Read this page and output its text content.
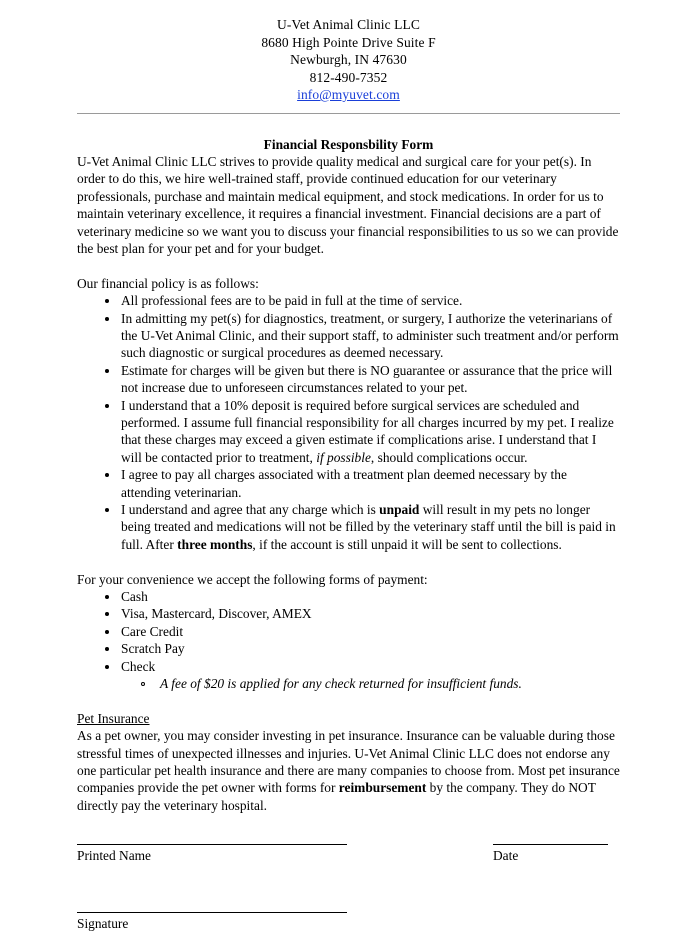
U-Vet Animal Clinic LLC
8680 High Pointe Drive Suite F
Newburgh, IN 47630
812-490-7352
info@myuvet.com
Financial Responsbility Form

U-Vet Animal Clinic LLC strives to provide quality medical and surgical care for your pet(s). In order to do this, we hire well-trained staff, provide continued education for our veterinary professionals, purchase and maintain medical equipment, and stock medications. In order for us to maintain veterinary excellence, it requires a financial investment. Financial decisions are a part of veterinary medicine so we want you to discuss your financial responsibilities to us so we can provide the best plan for your pet and for your budget.

Our financial policy is as follows:

All professional fees are to be paid in full at the time of service.
In admitting my pet(s) for diagnostics, treatment, or surgery, I authorize the veterinarians of the U-Vet Animal Clinic, and their support staff, to administer such treatment and/or perform such diagnostic or surgical procedures as deemed necessary.
Estimate for charges will be given but there is NO guarantee or assurance that the price will not increase due to unforeseen circumstances related to your pet.
I understand that a 10% deposit is required before surgical services are scheduled and performed. I assume full financial responsibility for all charges incurred by my pet. I realize that these charges may exceed a given estimate if complications arise. I understand that I will be contacted prior to treatment, if possible, should complications occur.
I agree to pay all charges associated with a treatment plan deemed necessary by the attending veterinarian.
I understand and agree that any charge which is unpaid will result in my pets no longer being treated and medications will not be filled by the veterinary staff until the bill is paid in full. After three months, if the account is still unpaid it will be sent to collections.

For your convenience we accept the following forms of payment:

Cash
Visa, Mastercard, Discover, AMEX
Care Credit
Scratch Pay
Check
A fee of $20 is applied for any check returned for insufficient funds.
Pet Insurance

As a pet owner, you may consider investing in pet insurance. Insurance can be valuable during those stressful times of unexpected illnesses and injuries. U-Vet Animal Clinic LLC does not endorse any one particular pet health insurance and there are many companies to choose from. Most pet insurance companies provide the pet owner with forms for reimbursement by the company. They do NOT directly pay the veterinary hospital.

Printed Name	Date
Signature
